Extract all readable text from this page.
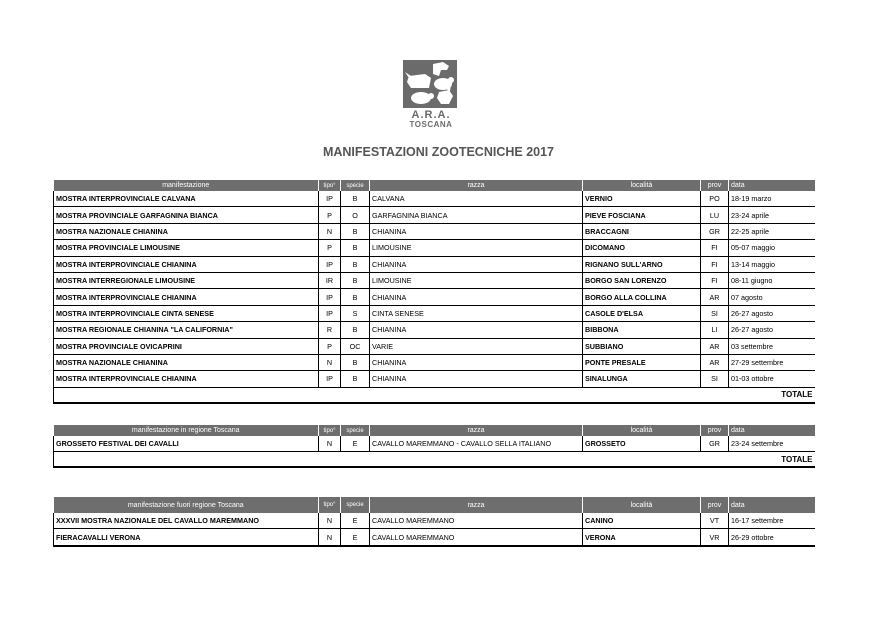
A.R.A.
TOSCANA
MANIFESTAZIONI ZOOTECNICHE 2017
manifestazione	tipo°	specie	razza	località	prov	data
MOSTRA INTERPROVINCIALE CALVANA	IP	B	CALVANA	VERNIO	PO	18-19 marzo
MOSTRA PROVINCIALE GARFAGNINA BIANCA	P	O	GARFAGNINA BIANCA	PIEVE FOSCIANA	LU	23-24 aprile
MOSTRA NAZIONALE CHIANINA	N	B	CHIANINA	BRACCAGNI	GR	22-25 aprile
MOSTRA PROVINCIALE LIMOUSINE	P	B	LIMOUSINE	DICOMANO	FI	05-07 maggio
MOSTRA INTERPROVINCIALE CHIANINA	IP	B	CHIANINA	RIGNANO SULL'ARNO	FI	13-14 maggio
MOSTRA INTERREGIONALE LIMOUSINE	IR	B	LIMOUSINE	BORGO SAN LORENZO	FI	08-11 giugno
MOSTRA INTERPROVINCIALE CHIANINA	IP	B	CHIANINA	BORGO ALLA COLLINA	AR	07 agosto
MOSTRA INTERPROVINCIALE CINTA SENESE	IP	S	CINTA SENESE	CASOLE D'ELSA	SI	26-27 agosto
MOSTRA REGIONALE CHIANINA "LA CALIFORNIA"	R	B	CHIANINA	BIBBONA	LI	26-27 agosto
MOSTRA PROVINCIALE OVICAPRINI	P	OC	VARIE	SUBBIANO	AR	03 settembre
MOSTRA NAZIONALE CHIANINA	N	B	CHIANINA	PONTE PRESALE	AR	27-29 settembre
MOSTRA INTERPROVINCIALE CHIANINA	IP	B	CHIANINA	SINALUNGA	SI	01-03 ottobre
TOTALE						
manifestazione in regione Toscana	tipo°	specie	razza	località	prov	data
GROSSETO FESTIVAL DEI CAVALLI	N	E	CAVALLO MAREMMANO - CAVALLO SELLA ITALIANO	GROSSETO	GR	23-24 settembre
TOTALE						
manifestazione fuori regione Toscana	tipo°	specie	razza	località	prov	data
XXXVII MOSTRA NAZIONALE DEL CAVALLO MAREMMANO	N	E	CAVALLO MAREMMANO	CANINO	VT	16-17 settembre
FIERACAVALLI VERONA	N	E	CAVALLO MAREMMANO	VERONA	VR	26-29 ottobre
